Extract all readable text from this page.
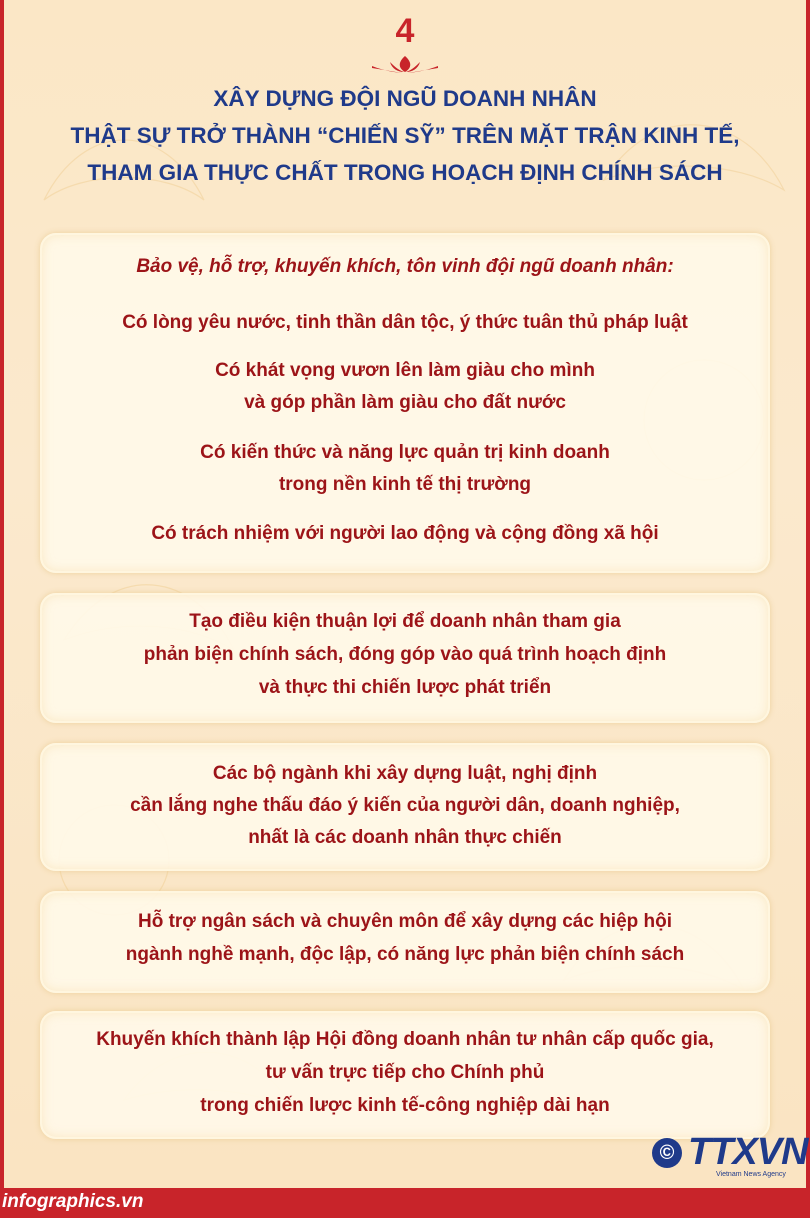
4
XÂY DỰNG ĐỘI NGŨ DOANH NHÂN
THẬT SỰ TRỞ THÀNH “CHIẾN SỸ” TRÊN MẶT TRẬN KINH TẾ,
THAM GIA THỰC CHẤT TRONG HOẠCH ĐỊNH CHÍNH SÁCH
Bảo vệ, hỗ trợ, khuyến khích, tôn vinh đội ngũ doanh nhân:
Có lòng yêu nước, tinh thần dân tộc, ý thức tuân thủ pháp luật
Có khát vọng vươn lên làm giàu cho mình
và góp phần làm giàu cho đất nước
Có kiến thức và năng lực quản trị kinh doanh
trong nền kinh tế thị trường
Có trách nhiệm với người lao động và cộng đồng xã hội
Tạo điều kiện thuận lợi để doanh nhân tham gia
phản biện chính sách, đóng góp vào quá trình hoạch định
và thực thi chiến lược phát triển
Các bộ ngành khi xây dựng luật, nghị định
cần lắng nghe thấu đáo ý kiến của người dân, doanh nghiệp,
nhất là các doanh nhân thực chiến
Hỗ trợ ngân sách và chuyên môn để xây dựng các hiệp hội
ngành nghề mạnh, độc lập, có năng lực phản biện chính sách
Khuyến khích thành lập Hội đồng doanh nhân tư nhân cấp quốc gia,
tư vấn trực tiếp cho Chính phủ
trong chiến lược kinh tế-công nghiệp dài hạn
© TTXVN
Vietnam News Agency
infographics.vn
